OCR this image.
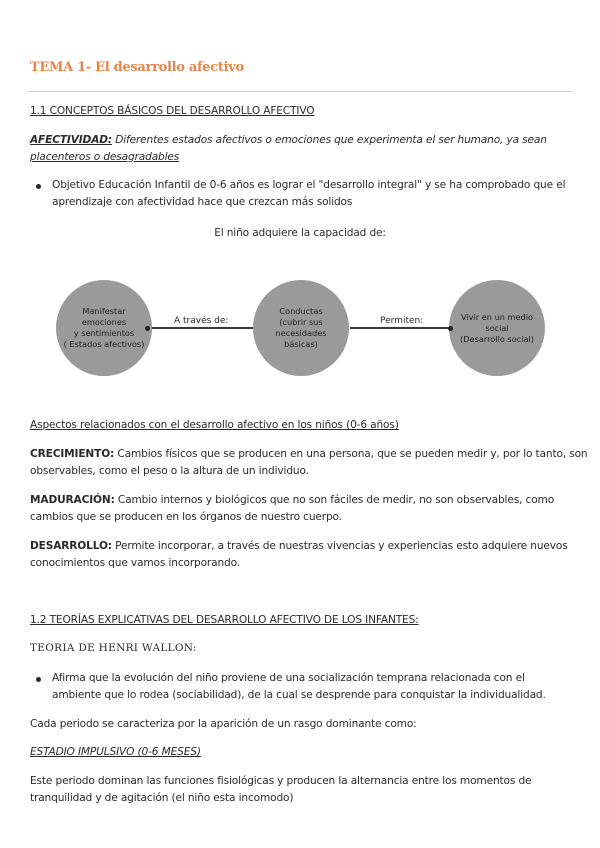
TEMA 1- El desarrollo afectivo
1.1 CONCEPTOS BÁSICOS DEL DESARROLLO AFECTIVO
AFECTIVIDAD: Diferentes estados afectivos o emociones que experimenta el ser humano, ya sean
placenteros o desagradables
Objetivo Educación Infantil de 0-6 años es lograr el "desarrollo integral" y se ha comprobado que el
aprendizaje con afectividad hace que crezcan más solidos
El niño adquiere la capacidad de:
Manifestar
emociones
y sentimientos
( Estados afectivos)
Conductas
(cubrir sus
necesidades
básicas)
Vivir en un medio
social
(Desarrollo social)
A través de:	Permiten:
Aspectos relacionados con el desarrollo afectivo en los niños (0-6 años)
CRECIMIENTO: Cambios físicos que se producen en una persona, que se pueden medir y, por lo tanto, son
observables, como el peso o la altura de un individuo.
MADURACIÓN: Cambio internos y biológicos que no son fáciles de medir, no son observables, como
cambios que se producen en los órganos de nuestro cuerpo.
DESARROLLO: Permite incorporar, a través de nuestras vivencias y experiencias esto adquiere nuevos
conocimientos que vamos incorporando.
1.2 TEORÍAS EXPLICATIVAS DEL DESARROLLO AFECTIVO DE LOS INFANTES:
TEORIA DE HENRI WALLON:
Afirma que la evolución del niño proviene de una socialización temprana relacionada con el
ambiente que lo rodea (sociabilidad), de la cual se desprende para conquistar la individualidad.
Cada periodo se caracteriza por la aparición de un rasgo dominante como:
ESTADIO IMPULSIVO (0-6 MESES)
Este periodo dominan las funciones fisiológicas y producen la alternancia entre los momentos de
tranquilidad y de agitación (el niño esta incomodo)
